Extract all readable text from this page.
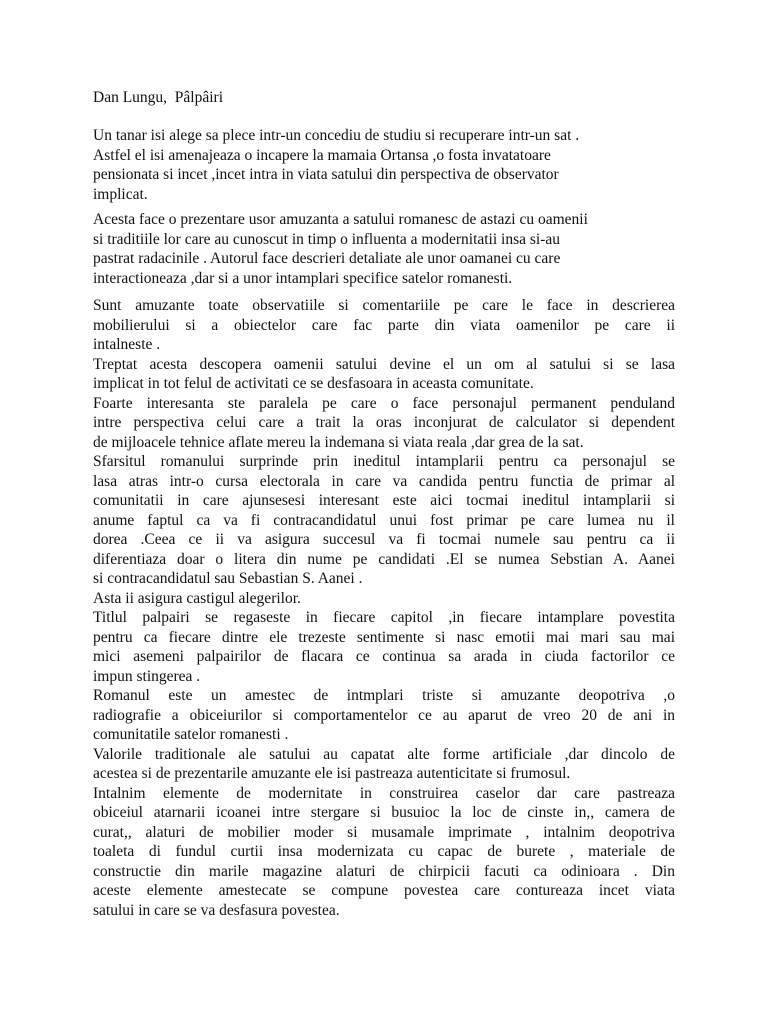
Dan Lungu,  Pâlpâiri

Un tanar isi alege sa plece intr-un concediu de studiu si recuperare intr-un sat .
Astfel el isi amenajeaza o incapere la mamaia Ortansa ,o fosta invatatoare
pensionata si incet ,incet intra in viata satului din perspectiva de observator
implicat.

Acesta face o prezentare usor amuzanta a satului romanesc de astazi cu oamenii
si traditiile lor care au cunoscut in timp o influenta a modernitatii insa si-au
pastrat radacinile . Autorul face descrieri detaliate ale unor oamanei cu care
interactioneaza ,dar si a unor intamplari specifice satelor romanesti.

Sunt amuzante toate observatiile si comentariile pe care le face in descrierea
mobilierului si a obiectelor care fac parte din viata oamenilor pe care ii
intalneste .
Treptat acesta descopera oamenii satului devine el un om al satului si se lasa
implicat in tot felul de activitati ce se desfasoara in aceasta comunitate.
Foarte interesanta ste paralela pe care o face personajul permanent penduland
intre perspectiva celui care a trait la oras inconjurat de calculator si dependent
de mijloacele tehnice aflate mereu la indemana si viata reala ,dar grea de la sat.
Sfarsitul romanului surprinde prin ineditul intamplarii pentru ca personajul se
lasa atras intr-o cursa electorala in care va candida pentru functia de primar al
comunitatii in care ajunsesesi interesant este aici tocmai ineditul intamplarii si
anume faptul ca va fi contracandidatul unui fost primar pe care lumea nu il
dorea .Ceea ce ii va asigura succesul va fi tocmai numele sau pentru ca ii
diferentiaza doar o litera din nume pe candidati .El se numea Sebstian A. Aanei
si contracandidatul sau Sebastian S. Aanei .
Asta ii asigura castigul alegerilor.
Titlul palpairi se regaseste in fiecare capitol ,in fiecare intamplare povestita
pentru ca fiecare dintre ele trezeste sentimente si nasc emotii mai mari sau mai
mici asemeni palpairilor de flacara ce continua sa arada in ciuda factorilor ce
impun stingerea .
Romanul este un amestec de intmplari triste si amuzante deopotriva ,o
radiografie a obiceiurilor si comportamentelor ce au aparut de vreo 20 de ani in
comunitatile satelor romanesti .
Valorile traditionale ale satului au capatat alte forme artificiale ,dar dincolo de
acestea si de prezentarile amuzante ele isi pastreaza autenticitate si frumosul.
Intalnim elemente de modernitate in construirea caselor dar care pastreaza
obiceiul atarnarii icoanei intre stergare si busuioc la loc de cinste in,, camera de
curat,, alaturi de mobilier moder si musamale imprimate , intalnim deopotriva
toaleta di fundul curtii insa modernizata cu capac de burete , materiale de
constructie din marile magazine alaturi de chirpicii facuti ca odinioara . Din
aceste elemente amestecate se compune povestea care contureaza incet viata
satului in care se va desfasura povestea.
